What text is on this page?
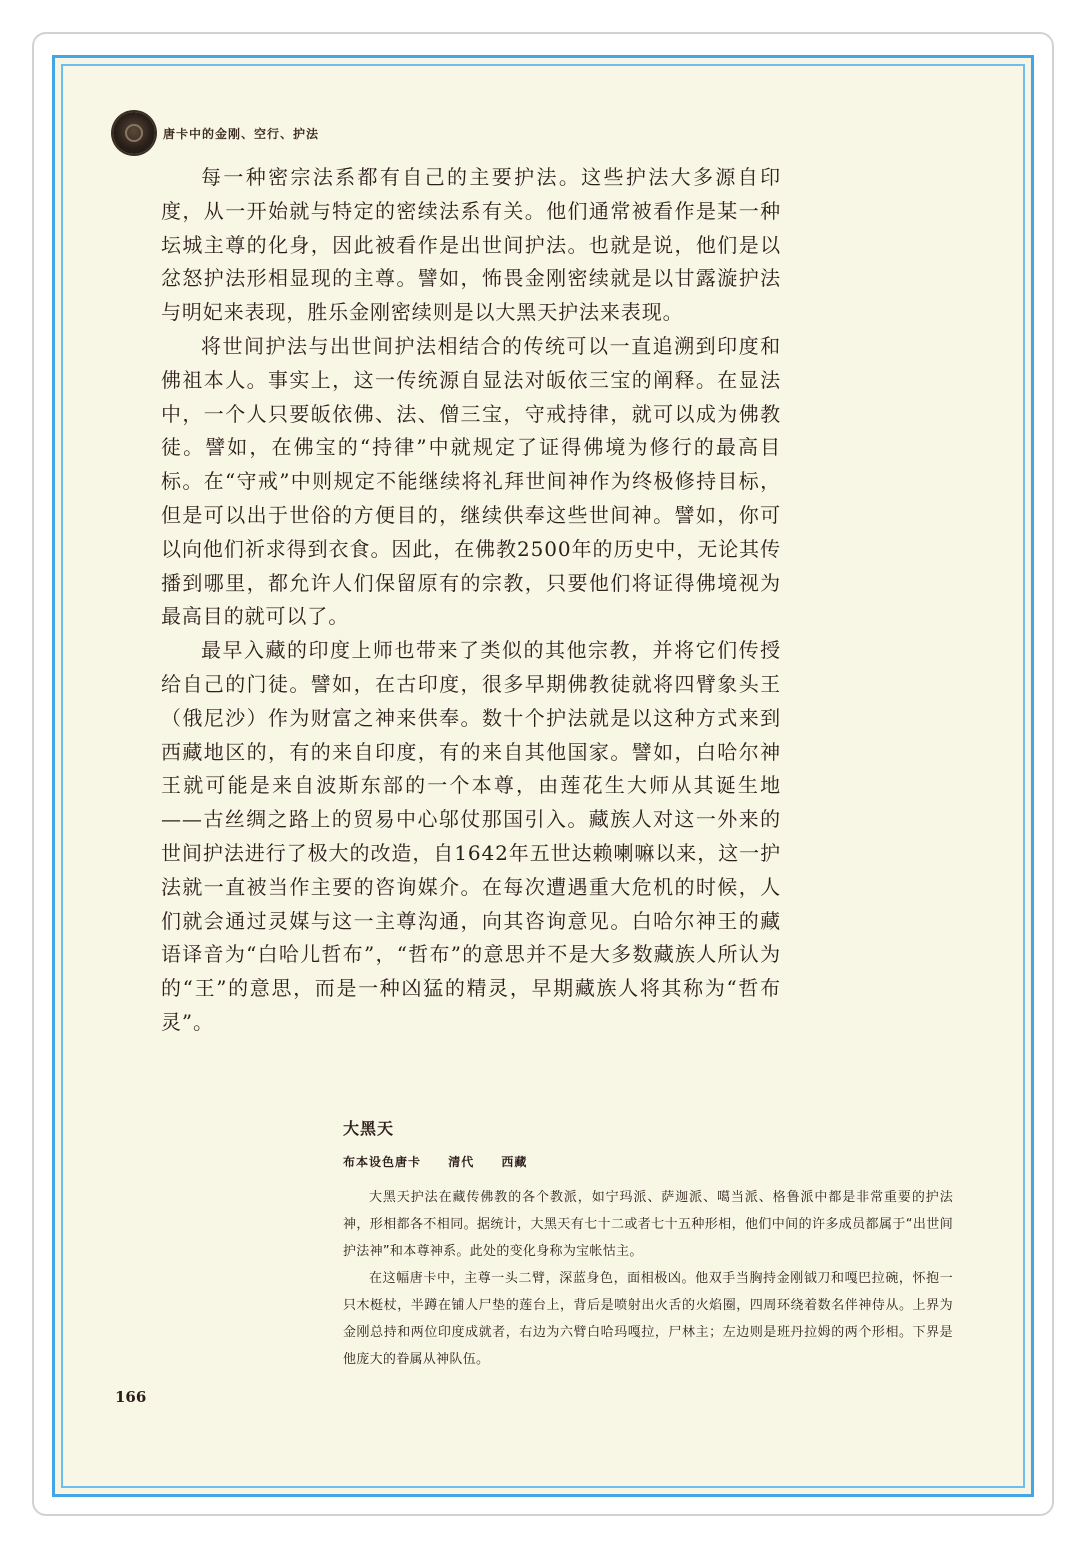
唐卡中的金刚、空行、护法

每一种密宗法系都有自己的主要护法。这些护法大多源自印度，从一开始就与特定的密续法系有关。他们通常被看作是某一种坛城主尊的化身，因此被看作是出世间护法。也就是说，他们是以忿怒护法形相显现的主尊。譬如，怖畏金刚密续就是以甘露漩护法与明妃来表现，胜乐金刚密续则是以大黑天护法来表现。

将世间护法与出世间护法相结合的传统可以一直追溯到印度和佛祖本人。事实上，这一传统源自显法对皈依三宝的阐释。在显法中，一个人只要皈依佛、法、僧三宝，守戒持律，就可以成为佛教徒。譬如，在佛宝的“持律”中就规定了证得佛境为修行的最高目标。在“守戒”中则规定不能继续将礼拜世间神作为终极修持目标，但是可以出于世俗的方便目的，继续供奉这些世间神。譬如，你可以向他们祈求得到衣食。因此，在佛教2500年的历史中，无论其传播到哪里，都允许人们保留原有的宗教，只要他们将证得佛境视为最高目的就可以了。

最早入藏的印度上师也带来了类似的其他宗教，并将它们传授给自己的门徒。譬如，在古印度，很多早期佛教徒就将四臂象头王（俄尼沙）作为财富之神来供奉。数十个护法就是以这种方式来到西藏地区的，有的来自印度，有的来自其他国家。譬如，白哈尔神王就可能是来自波斯东部的一个本尊，由莲花生大师从其诞生地——古丝绸之路上的贸易中心邬仗那国引入。藏族人对这一外来的世间护法进行了极大的改造，自1642年五世达赖喇嘛以来，这一护法就一直被当作主要的咨询媒介。在每次遭遇重大危机的时候，人们就会通过灵媒与这一主尊沟通，向其咨询意见。白哈尔神王的藏语译音为“白哈儿哲布”，“哲布”的意思并不是大多数藏族人所认为的“王”的意思，而是一种凶猛的精灵，早期藏族人将其称为“哲布灵”。

大黑天
布本设色唐卡 清代 西藏

大黑天护法在藏传佛教的各个教派，如宁玛派、萨迦派、噶当派、格鲁派中都是非常重要的护法神，形相都各不相同。据统计，大黑天有七十二或者七十五种形相，他们中间的许多成员都属于“出世间护法神”和本尊神系。此处的变化身称为宝帐怙主。

在这幅唐卡中，主尊一头二臂，深蓝身色，面相极凶。他双手当胸持金刚钺刀和嘎巴拉碗，怀抱一只木梃杖，半蹲在铺人尸垫的莲台上，背后是喷射出火舌的火焰圈，四周环绕着数名伴神侍从。上界为金刚总持和两位印度成就者，右边为六臂白哈玛嘎拉，尸林主；左边则是班丹拉姆的两个形相。下界是他庞大的眷属从神队伍。

166
